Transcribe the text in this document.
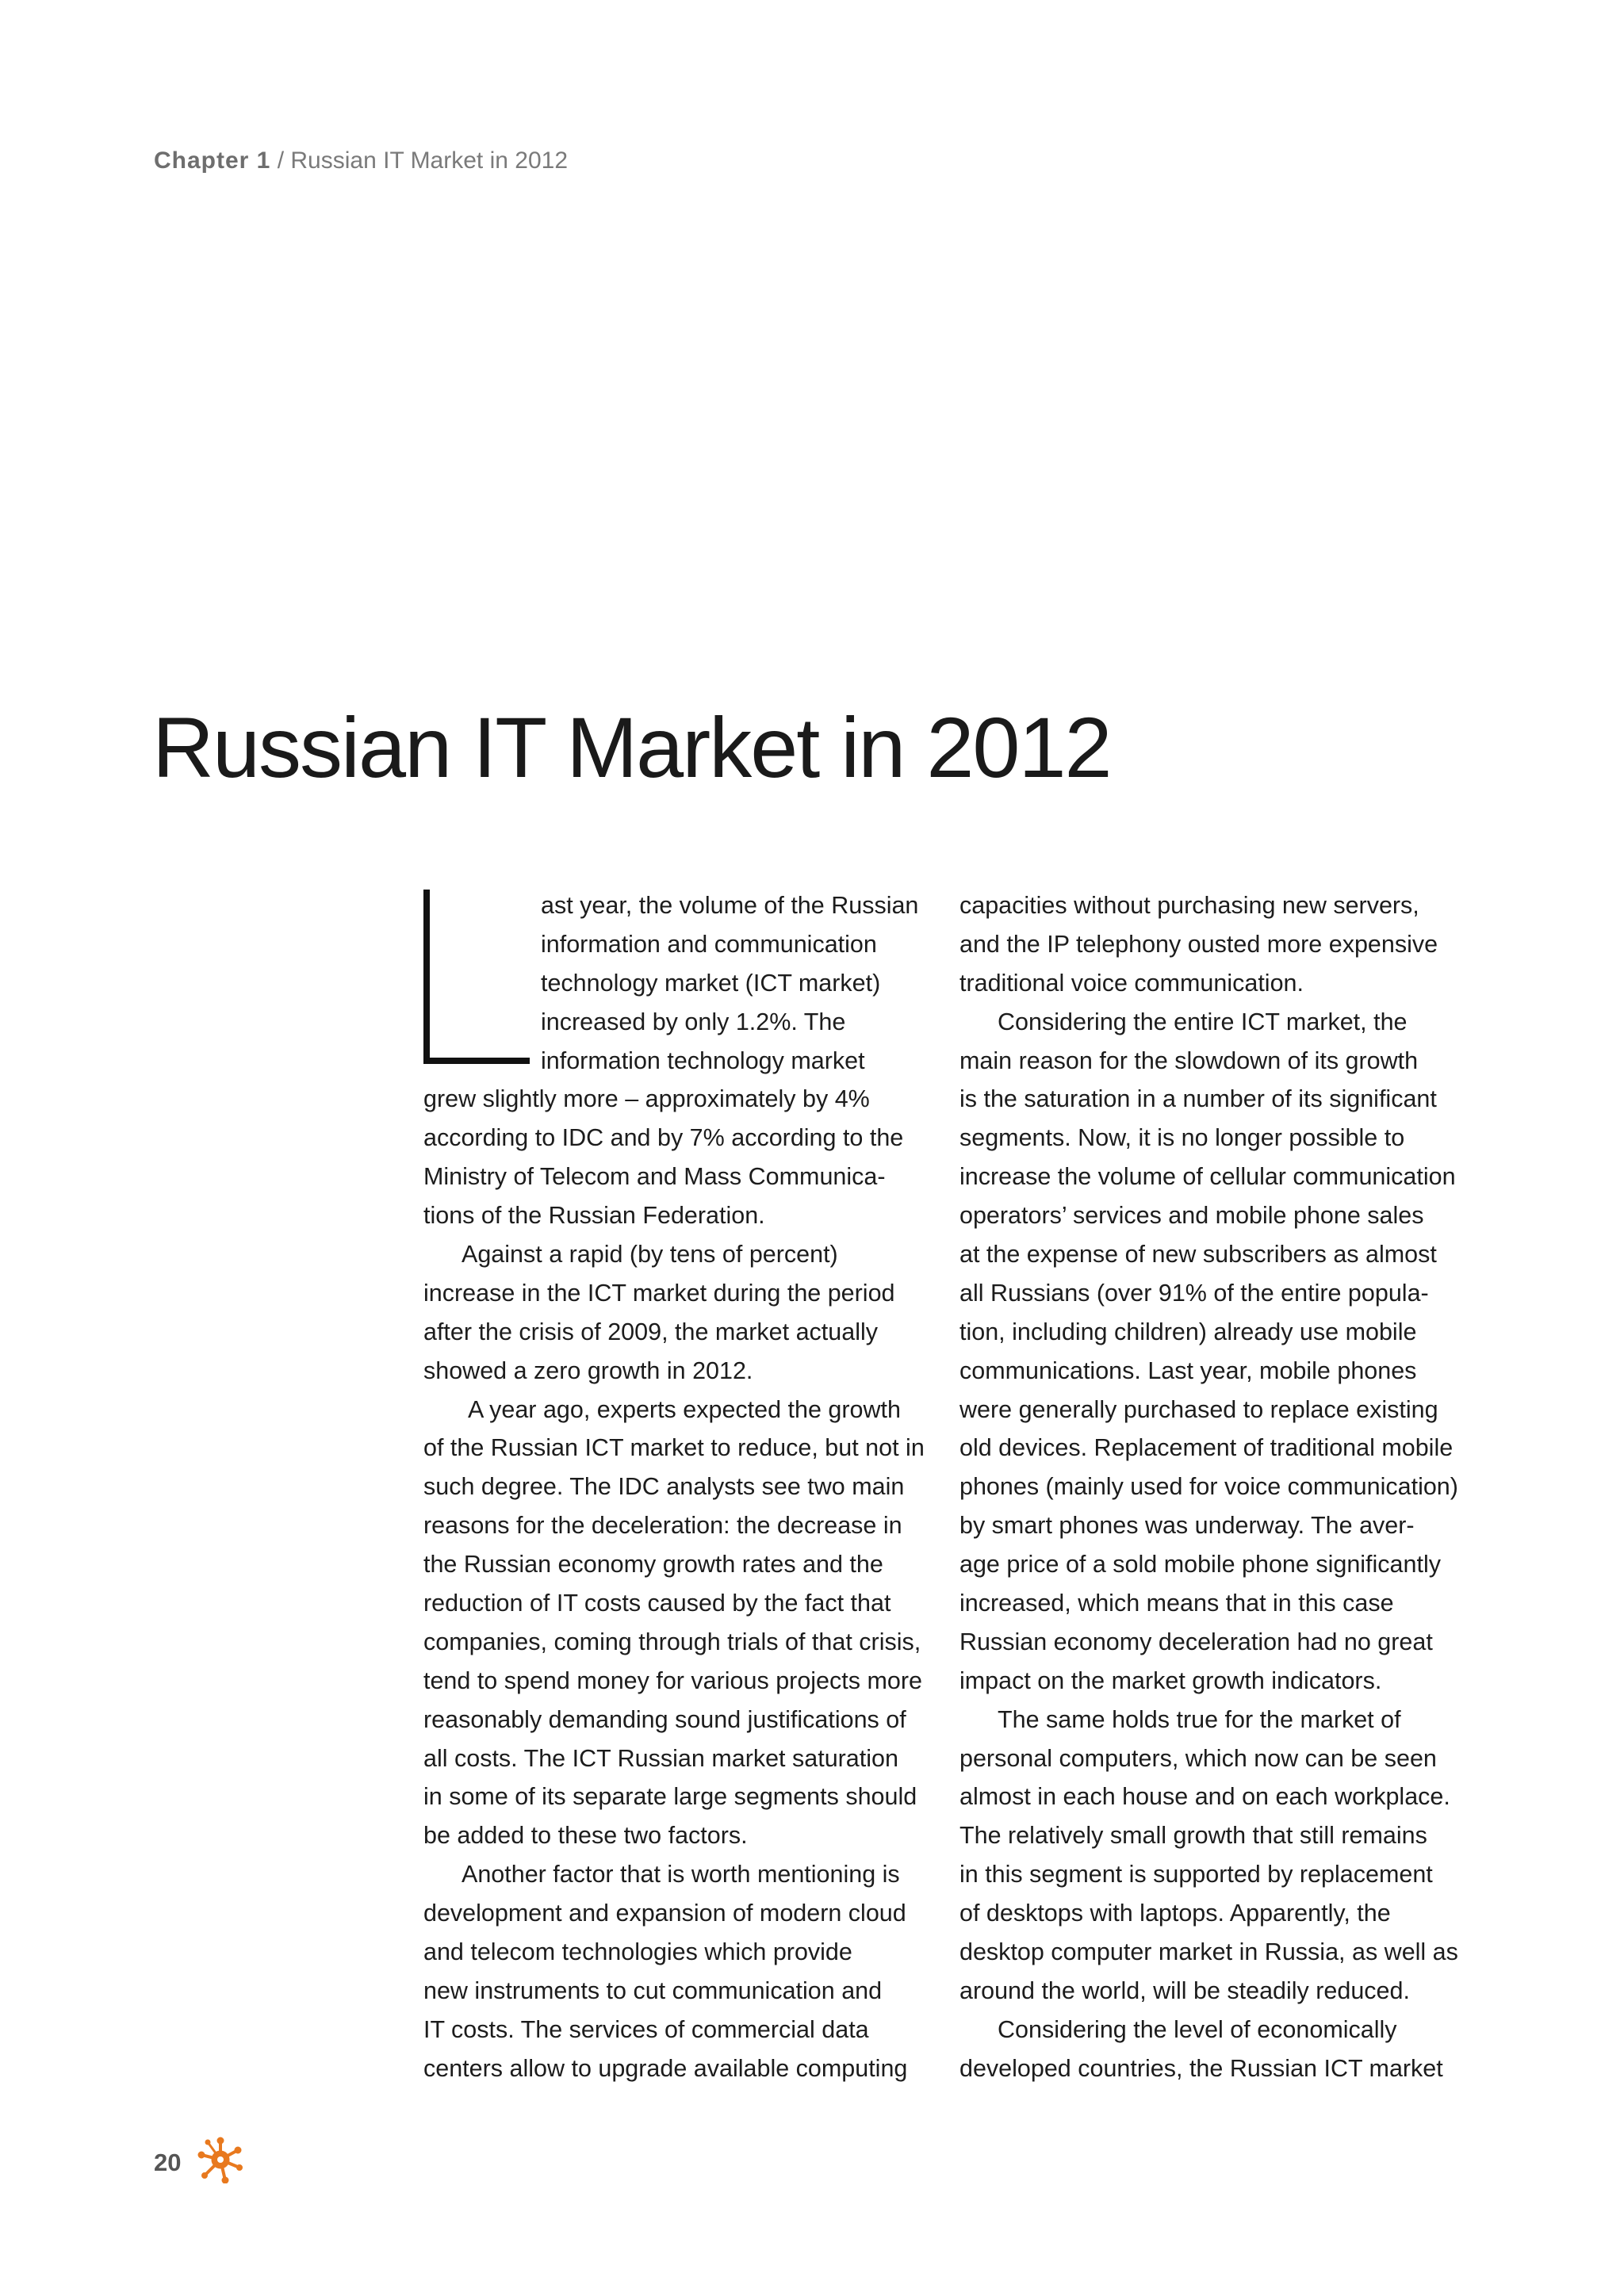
Chapter 1 / Russian IT Market in 2012
Russian IT Market in 2012
ast year, the volume of the Russian
information and communication
technology market (ICT market)
increased by only 1.2%. The
information technology market
grew slightly more – approximately by 4%
according to IDC and by 7% according to the
Ministry of Telecom and Mass Communica-
tions of the Russian Federation.
Against a rapid (by tens of percent)
increase in the ICT market during the period
after the crisis of 2009, the market actually
showed a zero growth in 2012.
A year ago, experts expected the growth
of the Russian ICT market to reduce, but not in
such degree. The IDC analysts see two main
reasons for the deceleration: the decrease in
the Russian economy growth rates and the
reduction of IT costs caused by the fact that
companies, coming through trials of that crisis,
tend to spend money for various projects more
reasonably demanding sound justifications of
all costs. The ICT Russian market saturation
in some of its separate large segments should
be added to these two factors.
Another factor that is worth mentioning is
development and expansion of modern cloud
and telecom technologies which provide
new instruments to cut communication and
IT costs. The services of commercial data
centers allow to upgrade available computing
capacities without purchasing new servers,
and the IP telephony ousted more expensive
traditional voice communication.
Considering the entire ICT market, the
main reason for the slowdown of its growth
is the saturation in a number of its significant
segments. Now, it is no longer possible to
increase the volume of cellular communication
operators’ services and mobile phone sales
at the expense of new subscribers as almost
all Russians (over 91% of the entire popula-
tion, including children) already use mobile
communications. Last year, mobile phones
were generally purchased to replace existing
old devices. Replacement of traditional mobile
phones (mainly used for voice communication)
by smart phones was underway. The aver-
age price of a sold mobile phone significantly
increased, which means that in this case
Russian economy deceleration had no great
impact on the market growth indicators.
The same holds true for the market of
personal computers, which now can be seen
almost in each house and on each workplace.
The relatively small growth that still remains
in this segment is supported by replacement
of desktops with laptops. Apparently, the
desktop computer market in Russia, as well as
around the world, will be steadily reduced.
Considering the level of economically
developed countries, the Russian ICT market
20
